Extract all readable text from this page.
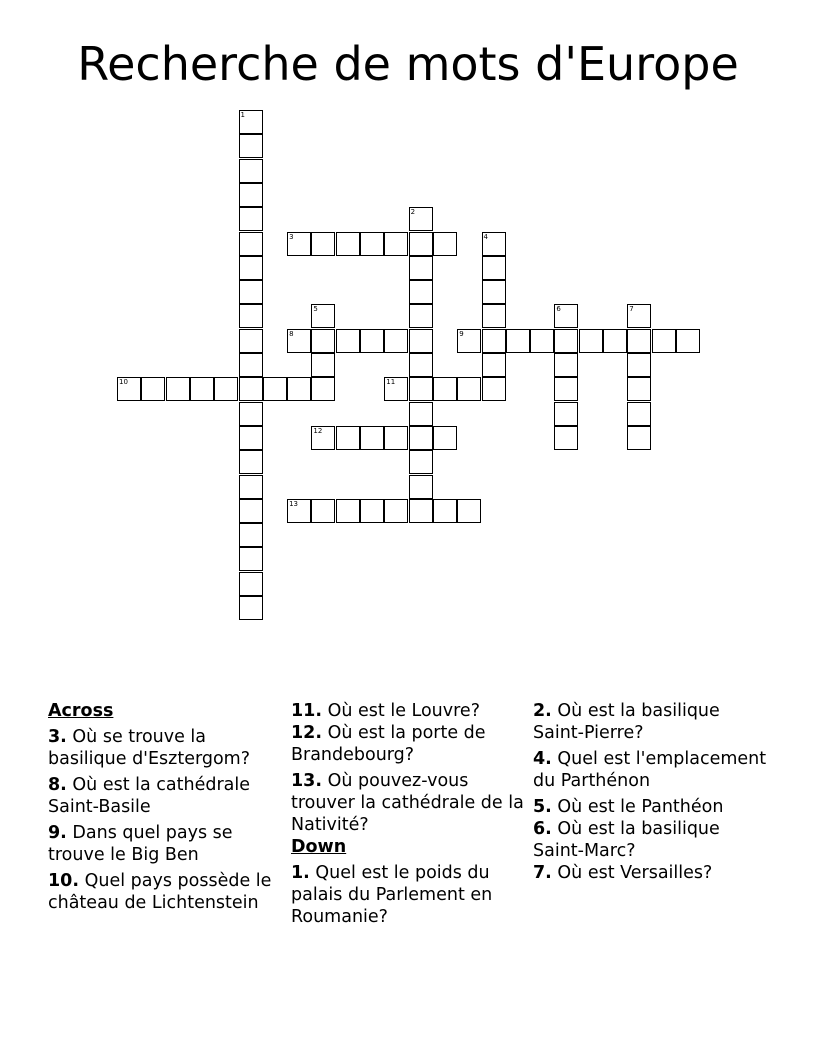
Recherche de mots d'Europe
1
2
3	4
5	6	7
8	9
10	11
12
13
Across
3. Où se trouve la basilique d'Esztergom?
8. Où est la cathédrale Saint-Basile
9. Dans quel pays se trouve le Big Ben
10. Quel pays possède le château de Lichtenstein
11. Où est le Louvre?
12. Où est la porte de Brandebourg?
13. Où pouvez-vous trouver la cathédrale de la Nativité?
Down
1. Quel est le poids du palais du Parlement en Roumanie?
2. Où est la basilique Saint-Pierre?
4. Quel est l'emplacement du Parthénon
5. Où est le Panthéon
6. Où est la basilique Saint-Marc?
7. Où est Versailles?
